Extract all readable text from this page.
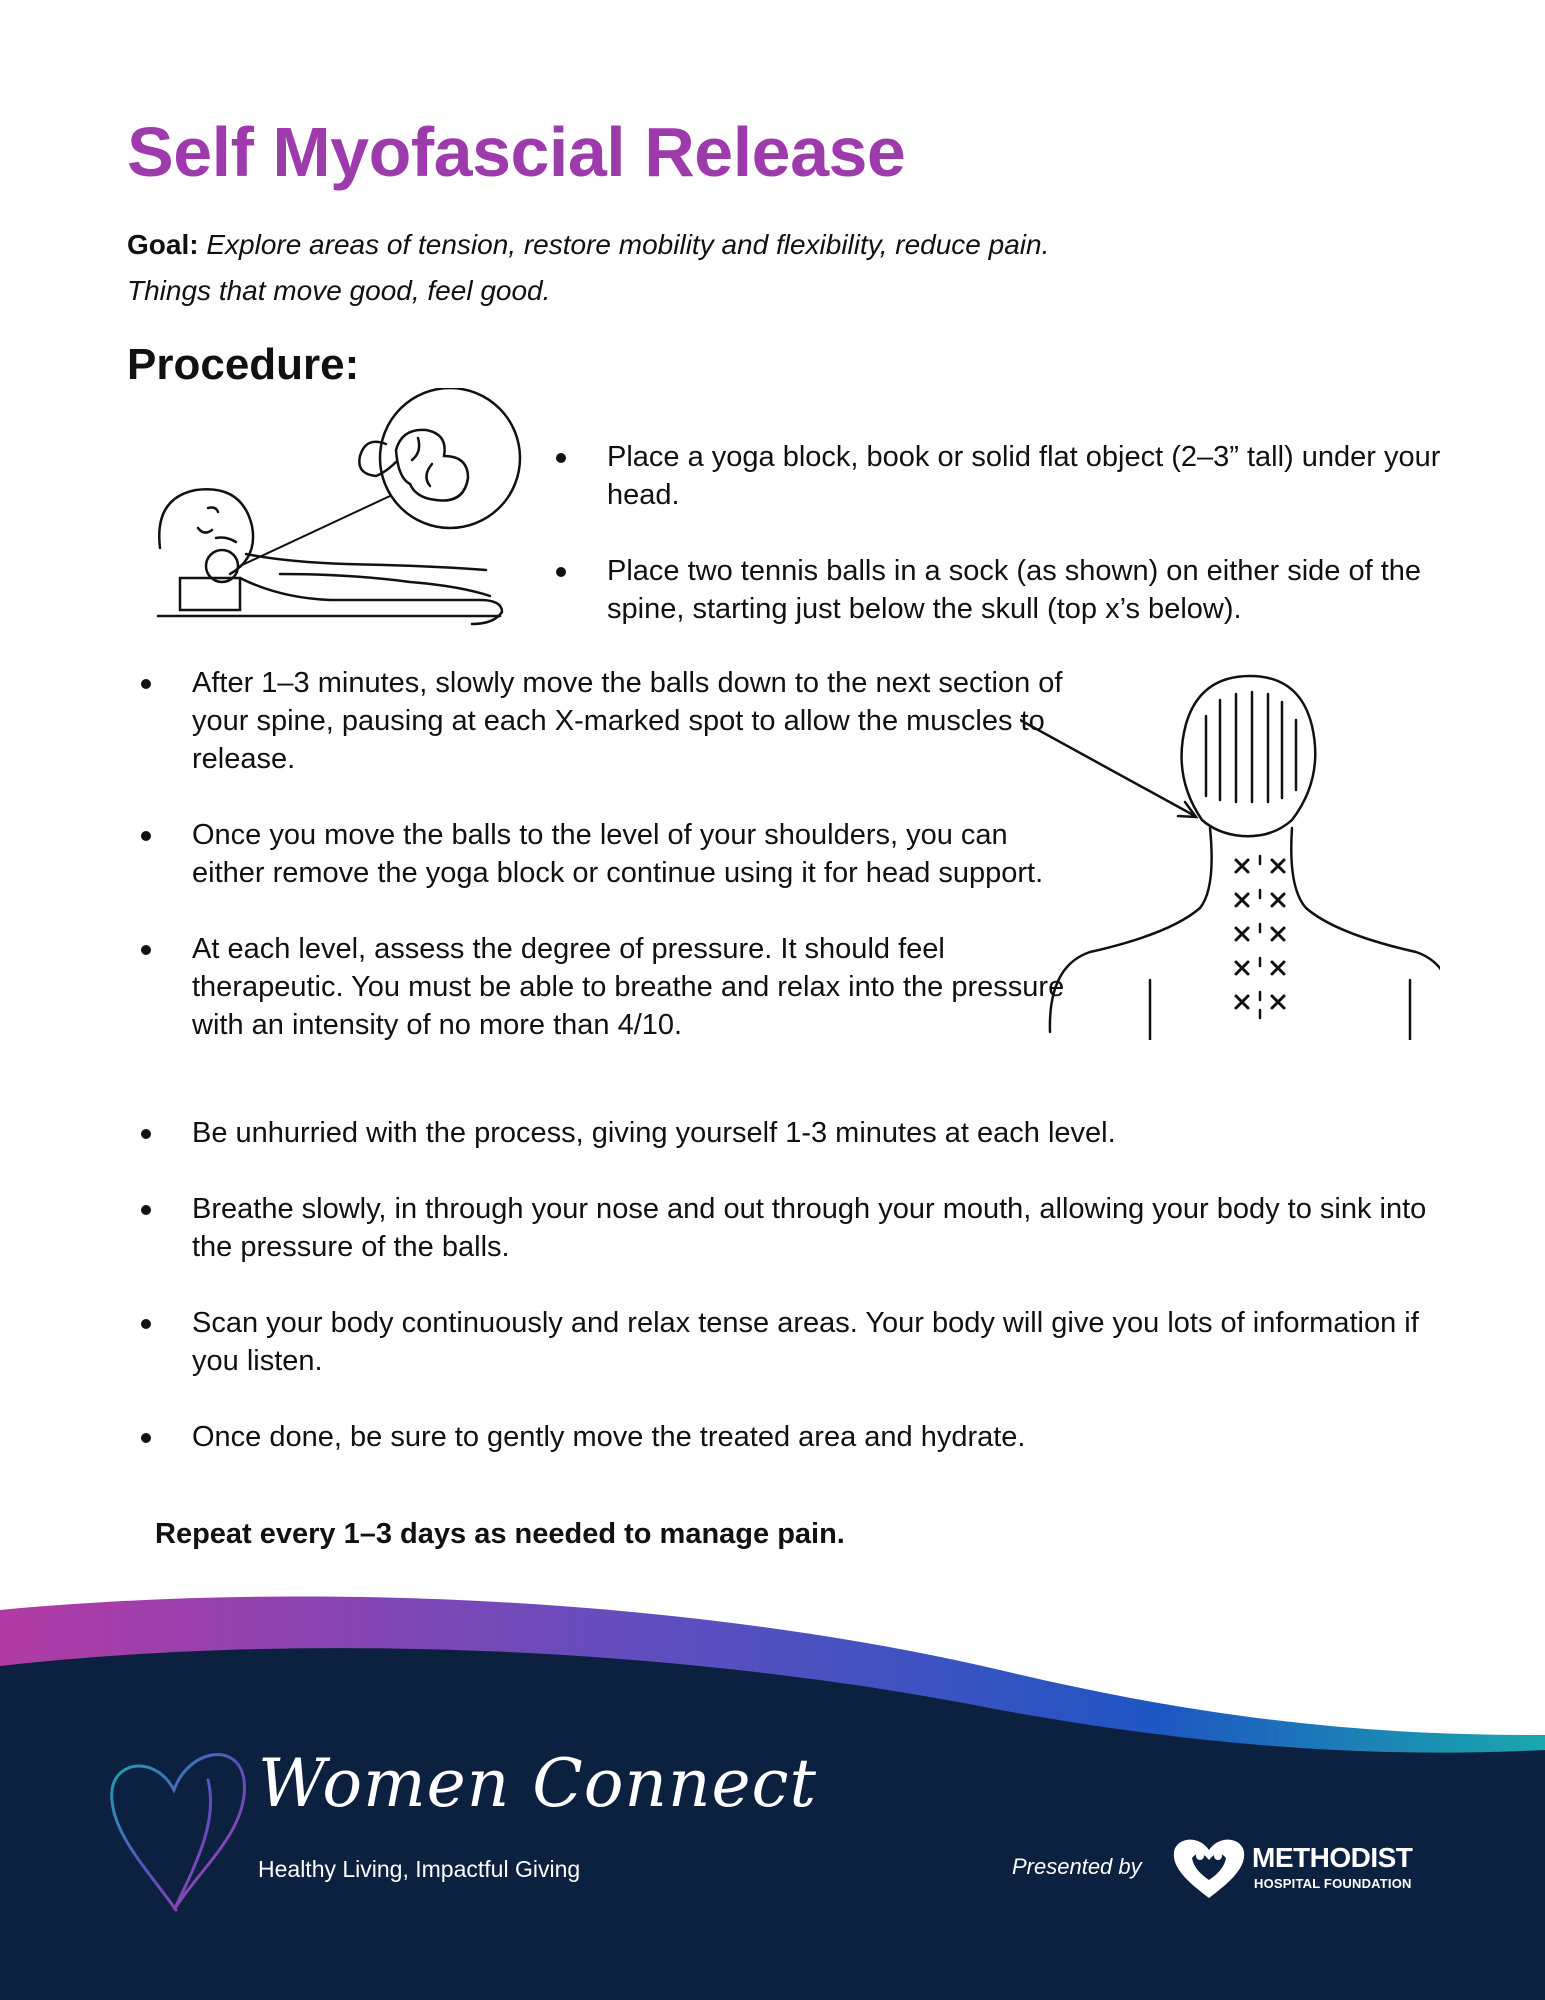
Self Myofascial Release
Goal: Explore areas of tension, restore mobility and flexibility, reduce pain.
Things that move good, feel good.
Procedure:
Place a yoga block, book or solid flat object (2–3” tall) under your head.
Place two tennis balls in a sock (as shown) on either side of the spine, starting just below the skull (top x’s below).
After 1–3 minutes, slowly move the balls down to the next section of your spine, pausing at each X-marked spot to allow the muscles to release.
Once you move the balls to the level of your shoulders, you can either remove the yoga block or continue using it for head support.
At each level, assess the degree of pressure. It should feel therapeutic. You must be able to breathe and relax into the pressure with an intensity of no more than 4/10.
Be unhurried with the process, giving yourself 1-3 minutes at each level.
Breathe slowly, in through your nose and out through your mouth, allowing your body to sink into the pressure of the balls.
Scan your body continuously and relax tense areas. Your body will give you lots of information if you listen.
Once done, be sure to gently move the treated area and hydrate.
Repeat every 1–3 days as needed to manage pain.
Women Connect
Healthy Living, Impactful Giving	Presented by	METHODIST
HOSPITAL FOUNDATION
